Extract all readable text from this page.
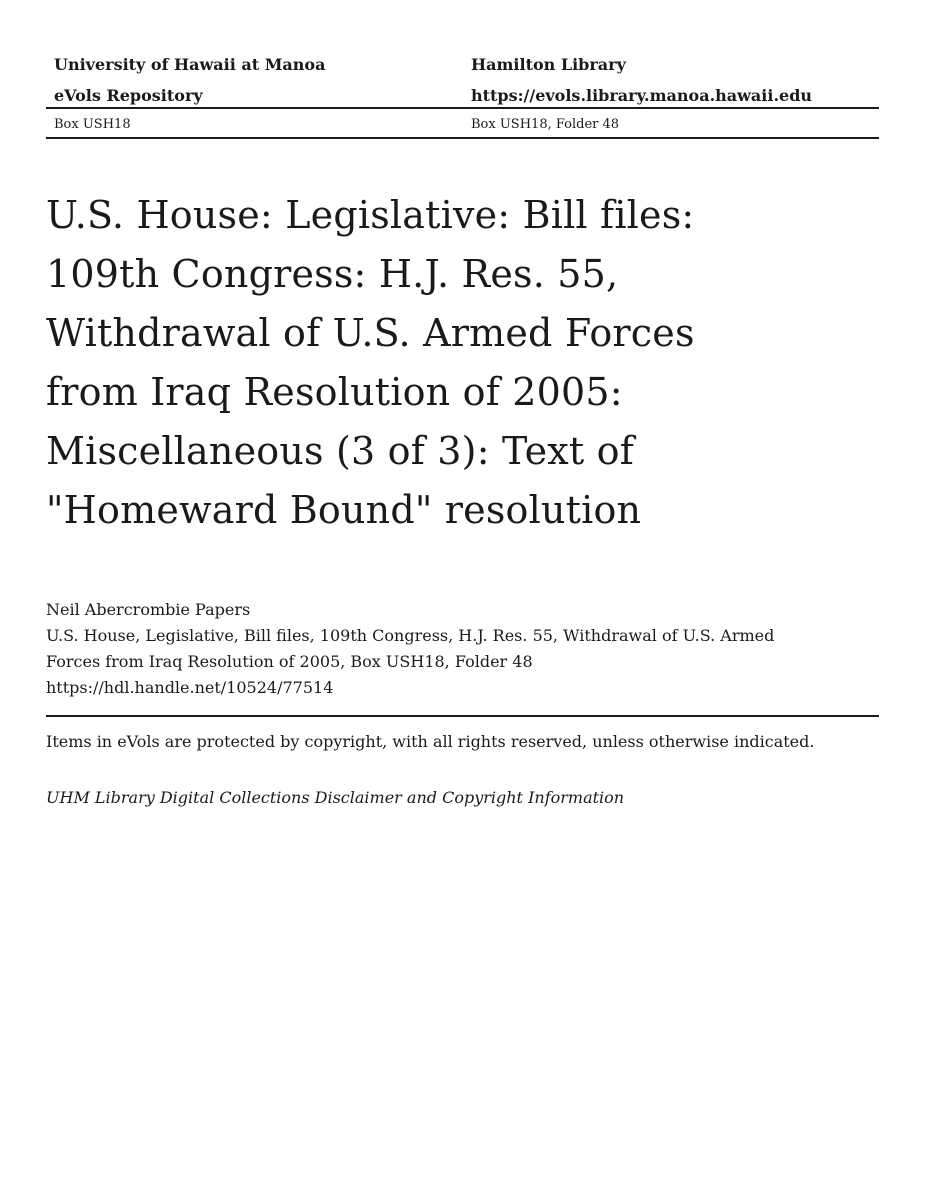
University of Hawaii at Manoa	Hamilton Library
eVols Repository	https://evols.library.manoa.hawaii.edu
Box USH18	Box USH18, Folder 48
U.S. House: Legislative: Bill files:
109th Congress: H.J. Res. 55,
Withdrawal of U.S. Armed Forces
from Iraq Resolution of 2005:
Miscellaneous (3 of 3): Text of
"Homeward Bound" resolution
Neil Abercrombie Papers
U.S. House, Legislative, Bill files, 109th Congress, H.J. Res. 55, Withdrawal of U.S. Armed
Forces from Iraq Resolution of 2005, Box USH18, Folder 48
https://hdl.handle.net/10524/77514
Items in eVols are protected by copyright, with all rights reserved, unless otherwise indicated.
UHM Library Digital Collections Disclaimer and Copyright Information
